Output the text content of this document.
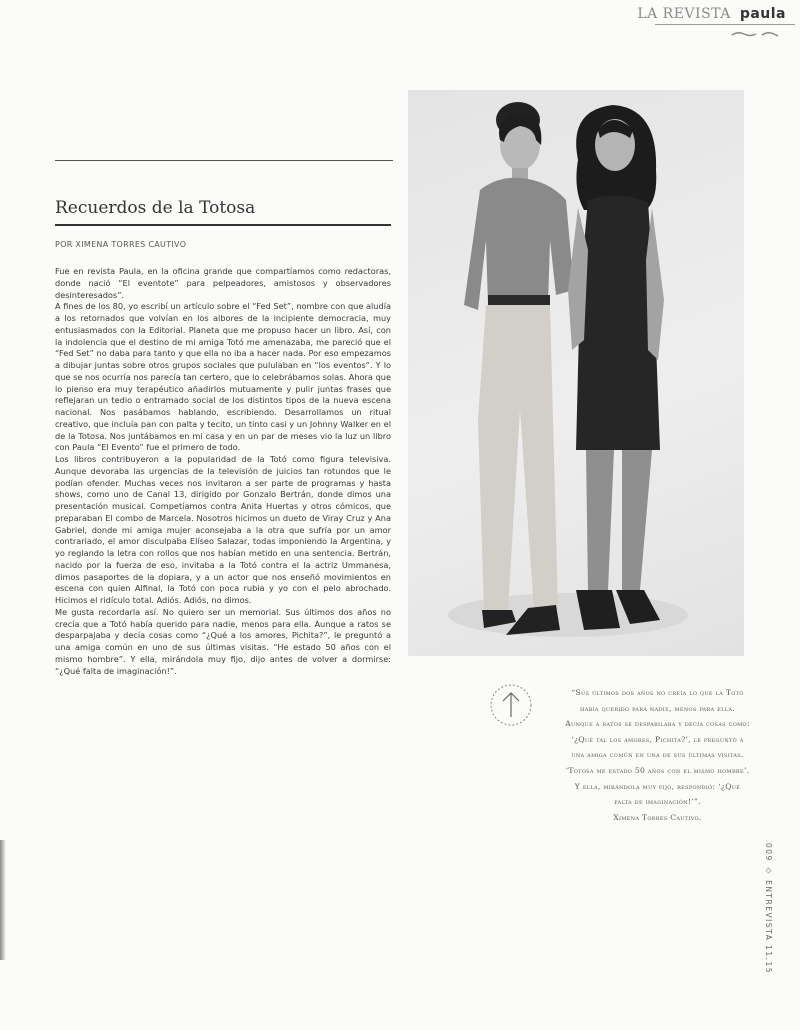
LA REVISTA paula
Recuerdos de la Totosa
POR XIMENA TORRES CAUTIVO

Fue en revista Paula, en la oficina grande que compartíamos como redactoras, donde nació “El eventote” para pelpeadores, amistosos y observadores desinteresados”.

A fines de los 80, yo escribí un artículo sobre el “Fed Set”, nombre con que aludía a los retornados que volvían en los albores de la incipiente democracia, muy entusiasmados con la Editorial. Planeta que me propuso hacer un libro. Así, con la indolencia que el destino de mi amiga Totó me amenazaba, me pareció que el “Fed Set” no daba para tanto y que ella no iba a hacer nada. Por eso empezamos a dibujar juntas sobre otros grupos sociales que pululaban en “los eventos”. Y lo que se nos ocurría nos parecía tan certero, que lo celebrábamos solas. Ahora que lo pienso era muy terapéutico añadirlos mutuamente y pulir juntas frases que reflejaran un tedio o entramado social de los distintos tipos de la nueva escena nacional. Nos pasábamos hablando, escribiendo. Desarrollamos un ritual creativo, que incluía pan con palta y tecito, un tinto casi y un Johnny Walker en el de la Totosa. Nos juntábamos en mi casa y en un par de meses vio la luz un libro con Paula “El Evento” fue el primero de todo.

Los libros contribuyeron a la popularidad de la Totó como figura televisiva. Aunque devoraba las urgencias de la televisión de juicios tan rotundos que le podían ofender. Muchas veces nos invitaron a ser parte de programas y hasta shows, como uno de Canal 13, dirigido por Gonzalo Bertrán, donde dimos una presentación musical. Competíamos contra Anita Huertas y otros cómicos, que preparaban El combo de Marcela. Nosotros hicimos un dueto de Viray Cruz y Ana Gabriel, donde mi amiga mujer aconsejaba a la otra que sufría por un amor contrariado, el amor disculpaba Elíseo Salazar, todas imponiendo la Argentina, y yo reglando la letra con rollos que nos habían metido en una sentencia. Bertrán, nacido por la fuerza de eso, invitaba a la Totó contra el la actriz Ummanesa, dimos pasaportes de la dopiara, y a un actor que nos enseñó movimientos en escena con quien Alfinal, la Totó con poca rubia y yo con el pelo abrochado. Hicimos el ridículo total. Adiós. Adiós, no dimos.

Me gusta recordarla así. No quiero ser un memorial. Sus últimos dos años no crecía que a Totó había querido para nadie, menos para ella. Aunque a ratos se desparpajaba y decía cosas como “¿Qué a los amores, Pichita?”, le preguntó a una amiga común en uno de sus últimas visitas. “He estado 50 años con el mismo hombre”. Y ella, mirándola muy fijo, dijo antes de volver a dormirse: “¿Qué falta de imaginación!”.

“Sus últimos dos años no creía lo que la Totó había querido para nadie, menos para ella. Aunque a ratos se despabilaba y decía cosas como: ‘¿Qué tal los amores, Pichita?’, le preguntó a una amiga común en una de sus últimas visitas. ‘Totosa me estado 50 años con el mismo hombre’. Y ella, mirándola muy fijo, respondió: ‘¿Qué falta de imaginación!’”.

Ximena Torres Cautivo.

009 ◇ ENTREVISTA 11.15
